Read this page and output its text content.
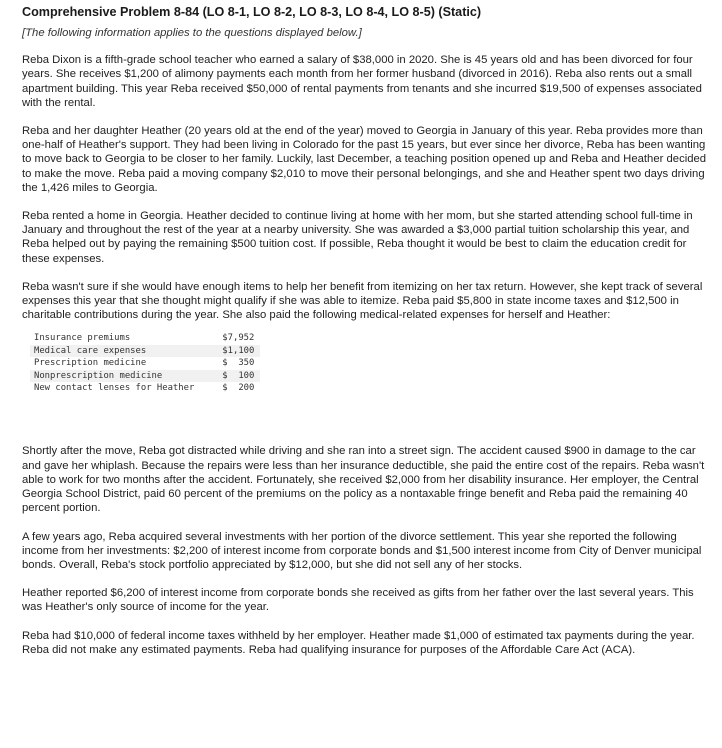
Comprehensive Problem 8-84 (LO 8-1, LO 8-2, LO 8-3, LO 8-4, LO 8-5) (Static)
[The following information applies to the questions displayed below.]

Reba Dixon is a fifth-grade school teacher who earned a salary of $38,000 in 2020. She is 45 years old and has been divorced for four years. She receives $1,200 of alimony payments each month from her former husband (divorced in 2016). Reba also rents out a small apartment building. This year Reba received $50,000 of rental payments from tenants and she incurred $19,500 of expenses associated with the rental.

Reba and her daughter Heather (20 years old at the end of the year) moved to Georgia in January of this year. Reba provides more than one-half of Heather's support. They had been living in Colorado for the past 15 years, but ever since her divorce, Reba has been wanting to move back to Georgia to be closer to her family. Luckily, last December, a teaching position opened up and Reba and Heather decided to make the move. Reba paid a moving company $2,010 to move their personal belongings, and she and Heather spent two days driving the 1,426 miles to Georgia.

Reba rented a home in Georgia. Heather decided to continue living at home with her mom, but she started attending school full-time in January and throughout the rest of the year at a nearby university. She was awarded a $3,000 partial tuition scholarship this year, and Reba helped out by paying the remaining $500 tuition cost. If possible, Reba thought it would be best to claim the education credit for these expenses.

Reba wasn't sure if she would have enough items to help her benefit from itemizing on her tax return. However, she kept track of several expenses this year that she thought might qualify if she was able to itemize. Reba paid $5,800 in state income taxes and $12,500 in charitable contributions during the year. She also paid the following medical-related expenses for herself and Heather:

Insurance premiums	$7,952
Medical care expenses	$1,100
Prescription medicine	$  350
Nonprescription medicine	$  100
New contact lenses for Heather	$  200

Shortly after the move, Reba got distracted while driving and she ran into a street sign. The accident caused $900 in damage to the car and gave her whiplash. Because the repairs were less than her insurance deductible, she paid the entire cost of the repairs. Reba wasn't able to work for two months after the accident. Fortunately, she received $2,000 from her disability insurance. Her employer, the Central Georgia School District, paid 60 percent of the premiums on the policy as a nontaxable fringe benefit and Reba paid the remaining 40 percent portion.

A few years ago, Reba acquired several investments with her portion of the divorce settlement. This year she reported the following income from her investments: $2,200 of interest income from corporate bonds and $1,500 interest income from City of Denver municipal bonds. Overall, Reba's stock portfolio appreciated by $12,000, but she did not sell any of her stocks.

Heather reported $6,200 of interest income from corporate bonds she received as gifts from her father over the last several years. This was Heather's only source of income for the year.

Reba had $10,000 of federal income taxes withheld by her employer. Heather made $1,000 of estimated tax payments during the year. Reba did not make any estimated payments. Reba had qualifying insurance for purposes of the Affordable Care Act (ACA).
